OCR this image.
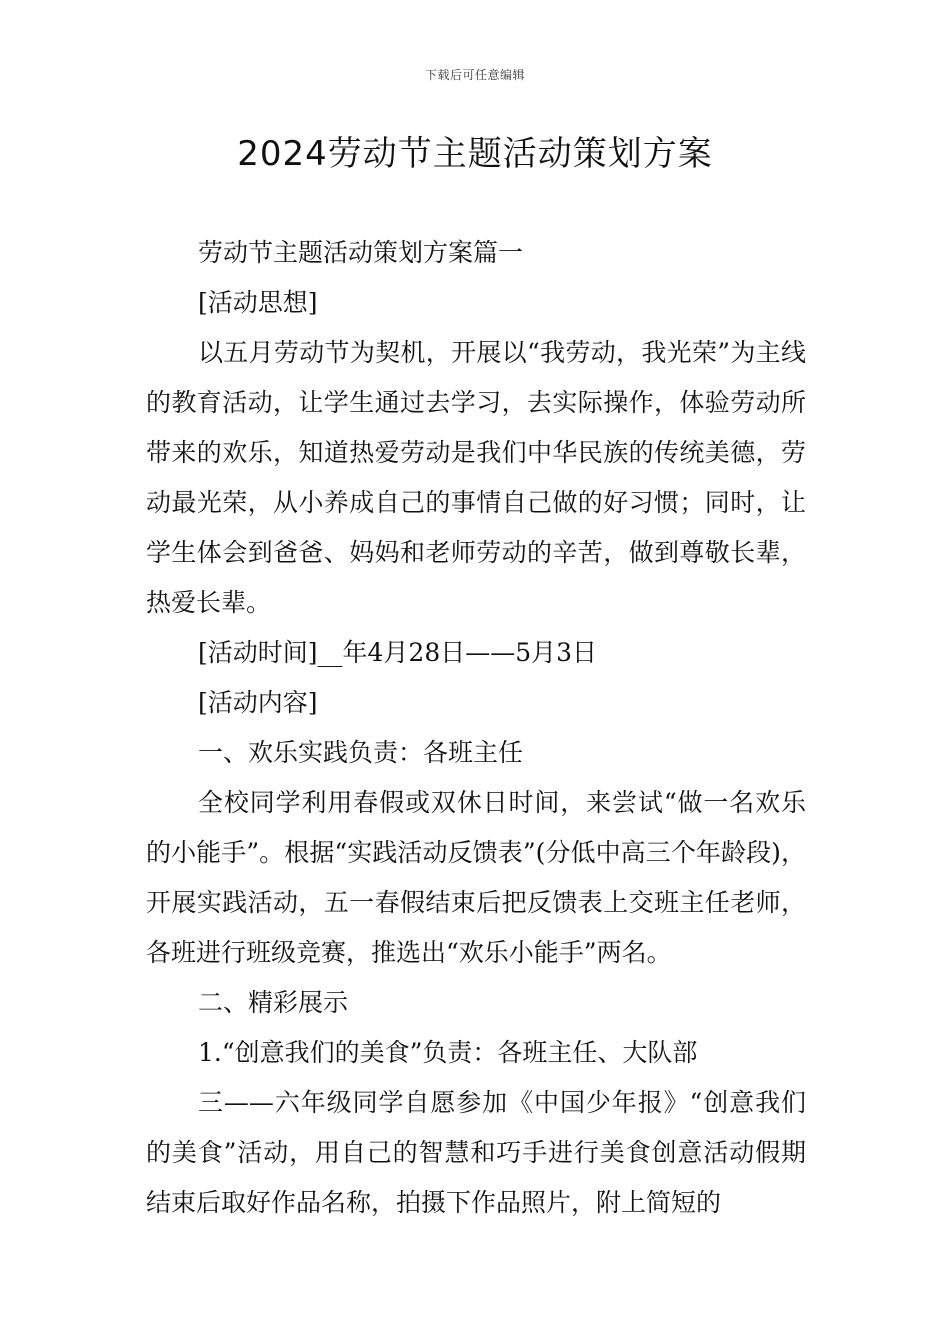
下载后可任意编辑
2024劳动节主题活动策划方案

劳动节主题活动策划方案篇一

[活动思想]

以五月劳动节为契机，开展以“我劳动，我光荣”为主线的教育活动，让学生通过去学习，去实际操作，体验劳动所带来的欢乐，知道热爱劳动是我们中华民族的传统美德，劳动最光荣，从小养成自己的事情自己做的好习惯；同时，让学生体会到爸爸、妈妈和老师劳动的辛苦，做到尊敬长辈，热爱长辈。

[活动时间]__年4月28日——5月3日

[活动内容]

一、欢乐实践负责：各班主任

全校同学利用春假或双休日时间，来尝试“做一名欢乐的小能手”。根据“实践活动反馈表”(分低中高三个年龄段)，开展实践活动，五一春假结束后把反馈表上交班主任老师，各班进行班级竞赛，推选出“欢乐小能手”两名。

二、精彩展示

1.“创意我们的美食”负责：各班主任、大队部

三——六年级同学自愿参加《中国少年报》“创意我们的美食”活动，用自己的智慧和巧手进行美食创意活动假期结束后取好作品名称，拍摄下作品照片，附上简短的
